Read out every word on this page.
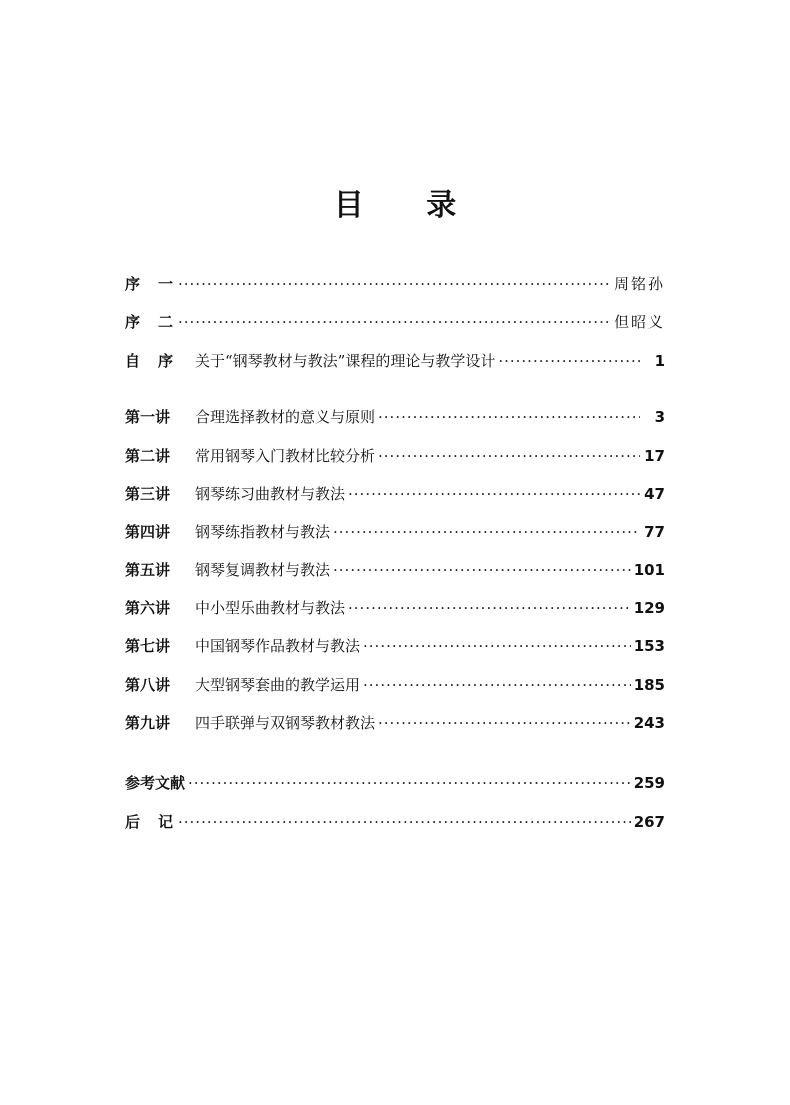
目 录
序一 ·····	周铭孙
序二 ·····	但昭义
自序 关于“钢琴教材与教法”课程的理论与教学设计 ·····	1
第一讲	合理选择教材的意义与原则 ·····	3
第二讲	常用钢琴入门教材比较分析 ·····	17
第三讲	钢琴练习曲教材与教法 ·····	47
第四讲	钢琴练指教材与教法 ·····	77
第五讲	钢琴复调教材与教法 ·····	101
第六讲	中小型乐曲教材与教法 ·····	129
第七讲	中国钢琴作品教材与教法 ·····	153
第八讲	大型钢琴套曲的教学运用 ·····	185
第九讲	四手联弹与双钢琴教材教法 ·····	243
参考文献 ·····	259
后记 ·····	267
